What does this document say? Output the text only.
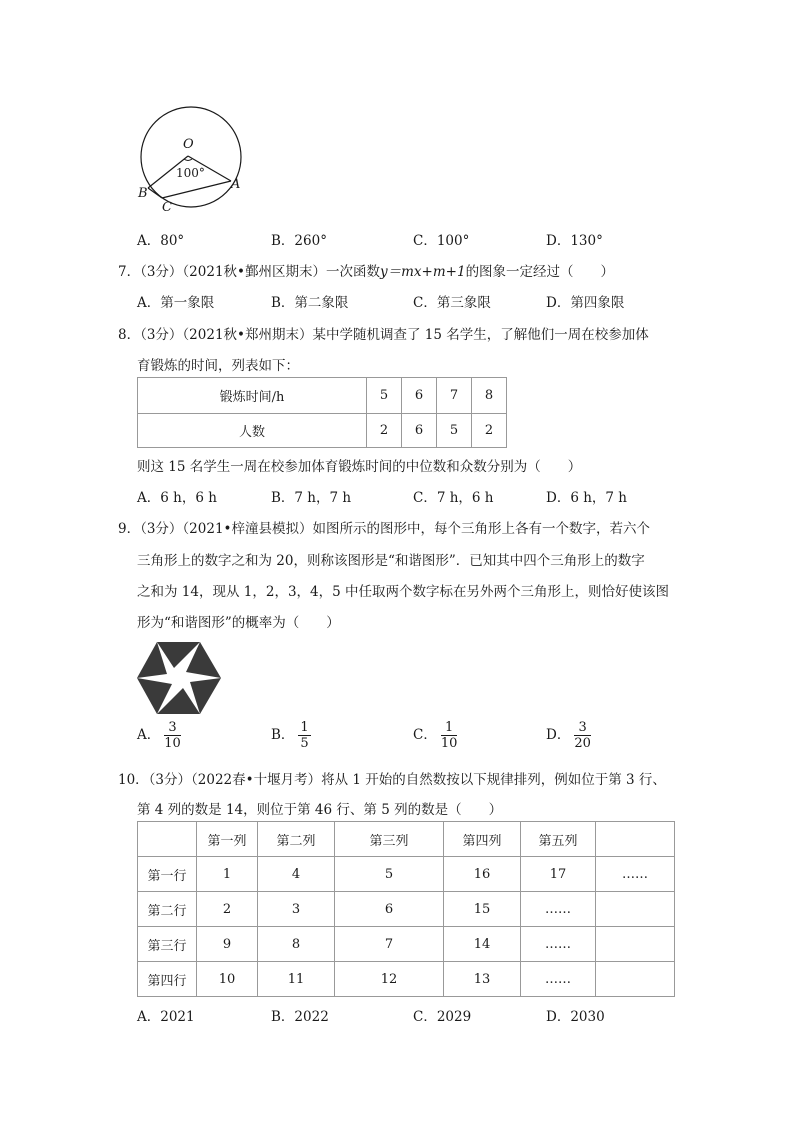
O
100°
A
B
C
A．80°	B．260°	C．100°	D．130°
7．（3分）（2021秋•鄞州区期末）一次函数y＝mx+m+1的图象一定经过（　　）
A．第一象限	B．第二象限	C．第三象限	D．第四象限
8．（3分）（2021秋•郑州期末）某中学随机调查了 15 名学生，了解他们一周在校参加体
育锻炼的时间，列表如下：
锻炼时间/h	5	6	7	8
人数	2	6	5	2
则这 15 名学生一周在校参加体育锻炼时间的中位数和众数分别为（　　）
A．6 h，6 h	B．7 h，7 h	C．7 h，6 h	D．6 h，7 h
9．（3分）（2021•梓潼县模拟）如图所示的图形中，每个三角形上各有一个数字，若六个
三角形上的数字之和为 20，则称该图形是“和谐图形”．已知其中四个三角形上的数字
之和为 14，现从 1，2，3，4，5 中任取两个数字标在另外两个三角形上，则恰好使该图
形为“和谐图形”的概率为（　　）
A． $\frac{3}{10}$	B． $\frac{1}{5}$	C． $\frac{1}{10}$	D． $\frac{3}{20}$
10．（3分）（2022春•十堰月考）将从 1 开始的自然数按以下规律排列，例如位于第 3 行、
第 4 列的数是 14，则位于第 46 行、第 5 列的数是（　　）
	第一列	第二列	第三列	第四列	第五列	
第一行	1	4	5	16	17	……
第二行	2	3	6	15	……	
第三行	9	8	7	14	……	
第四行	10	11	12	13	……	
A．2021	B．2022	C．2029	D．2030
